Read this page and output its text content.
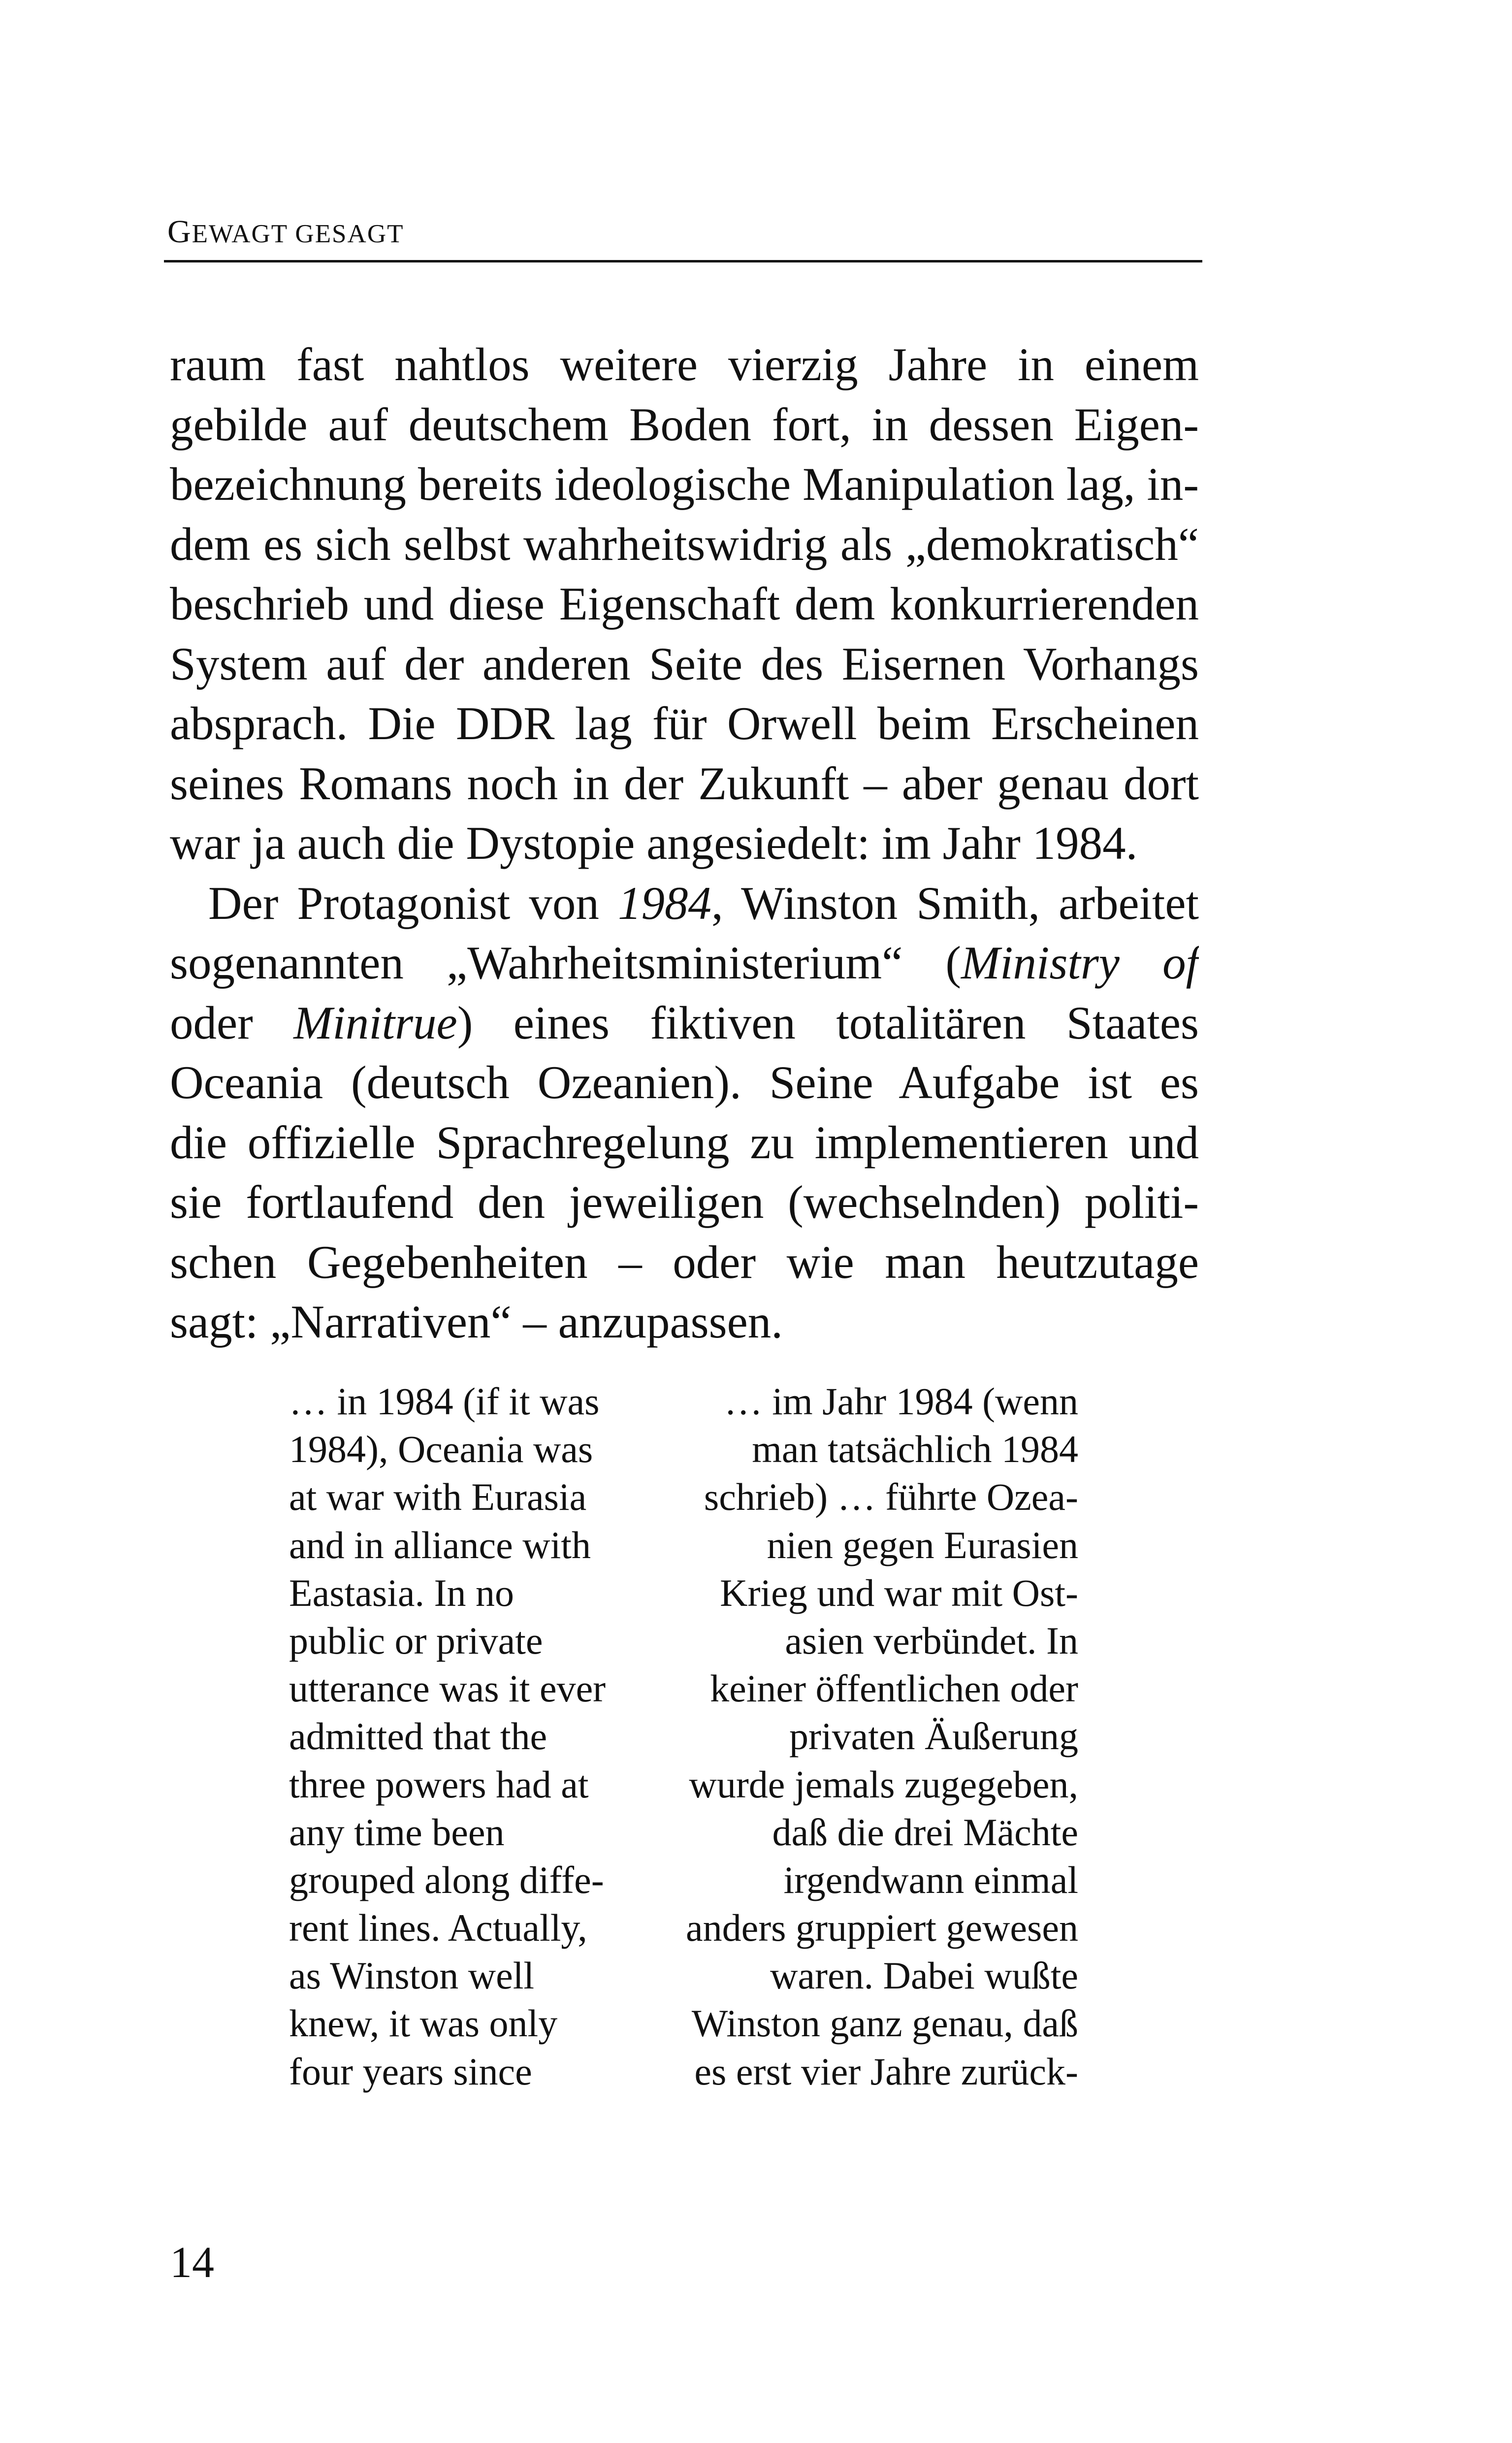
GEWAGT GESAGT
raum fast nahtlos weitere vierzig Jahre in einem
gebilde auf deutschem Boden fort, in dessen Eigen-
bezeichnung bereits ideologische Manipulation lag, in-
dem es sich selbst wahrheitswidrig als „demokratisch“
beschrieb und diese Eigenschaft dem konkurrierenden
System auf der anderen Seite des Eisernen Vorhangs
absprach. Die DDR lag für Orwell beim Erscheinen
seines Romans noch in der Zukunft – aber genau dort
war ja auch die Dystopie angesiedelt: im Jahr 1984.
Der Protagonist von 1984, Winston Smith, arbeitet
sogenannten „Wahrheitsministerium“ (Ministry of
oder Minitrue) eines fiktiven totalitären Staates
Oceania (deutsch Ozeanien). Seine Aufgabe ist es
die offizielle Sprachregelung zu implementieren und
sie fortlaufend den jeweiligen (wechselnden) politi-
schen Gegebenheiten – oder wie man heutzutage
sagt: „Narrativen“ – anzupassen.
… in 1984 (if it was
1984), Oceania was
at war with Eurasia
and in alliance with
Eastasia. In no
public or private
utterance was it ever
admitted that the
three powers had at
any time been
grouped along diffe-
rent lines. Actually,
as Winston well
knew, it was only
four years since
… im Jahr 1984 (wenn
man tatsächlich 1984
schrieb) … führte Ozea-
nien gegen Eurasien
Krieg und war mit Ost-
asien verbündet. In
keiner öffentlichen oder
privaten Äußerung
wurde jemals zugegeben,
daß die drei Mächte
irgendwann einmal
anders gruppiert gewesen
waren. Dabei wußte
Winston ganz genau, daß
es erst vier Jahre zurück-
14
